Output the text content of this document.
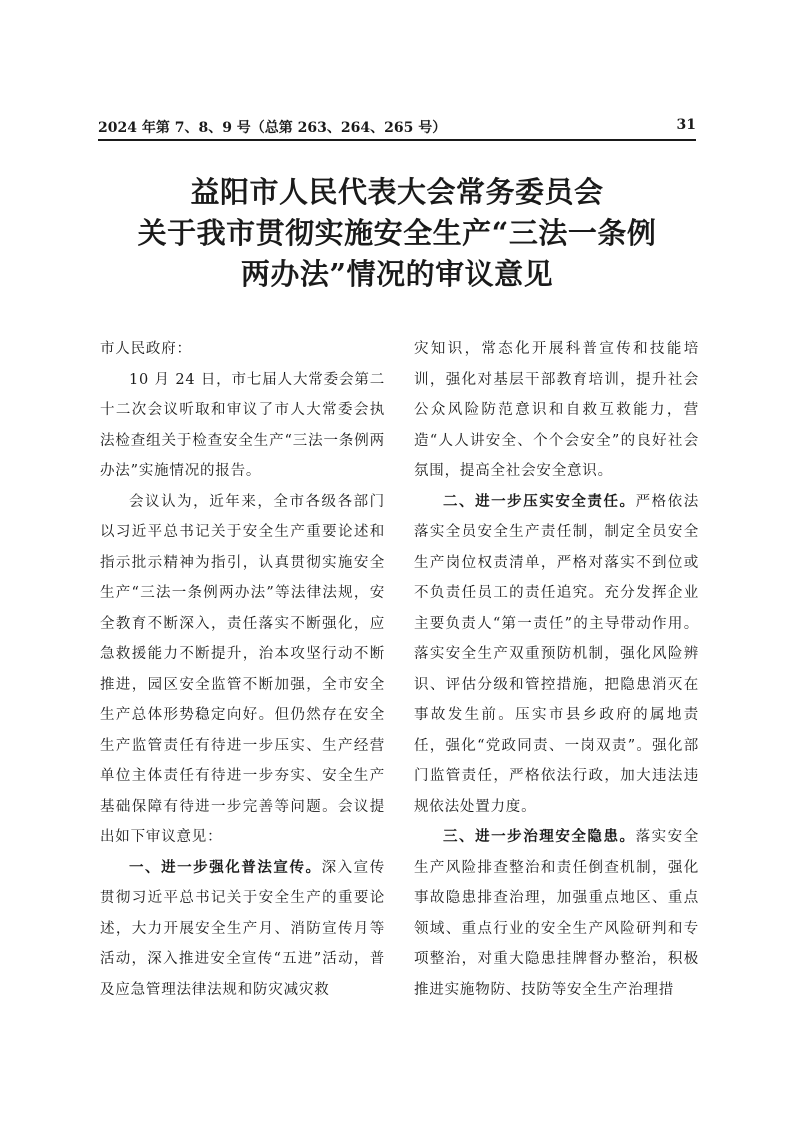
2024 年第 7、8、9 号（总第 263、264、265 号）	31
益阳市人民代表大会常务委员会
关于我市贯彻实施安全生产“三法一条例
两办法”情况的审议意见

市人民政府：

10 月 24 日，市七届人大常委会第二十二次会议听取和审议了市人大常委会执法检查组关于检查安全生产“三法一条例两办法”实施情况的报告。

会议认为，近年来，全市各级各部门以习近平总书记关于安全生产重要论述和指示批示精神为指引，认真贯彻实施安全生产“三法一条例两办法”等法律法规，安全教育不断深入，责任落实不断强化，应急救援能力不断提升，治本攻坚行动不断推进，园区安全监管不断加强，全市安全生产总体形势稳定向好。但仍然存在安全生产监管责任有待进一步压实、生产经营单位主体责任有待进一步夯实、安全生产基础保障有待进一步完善等问题。会议提出如下审议意见：

一、进一步强化普法宣传。深入宣传贯彻习近平总书记关于安全生产的重要论述，大力开展安全生产月、消防宣传月等活动，深入推进安全宣传“五进”活动，普及应急管理法律法规和防灾减灾救

灾知识，常态化开展科普宣传和技能培训，强化对基层干部教育培训，提升社会公众风险防范意识和自救互救能力，营造“人人讲安全、个个会安全”的良好社会氛围，提高全社会安全意识。

二、进一步压实安全责任。严格依法落实全员安全生产责任制，制定全员安全生产岗位权责清单，严格对落实不到位或不负责任员工的责任追究。充分发挥企业主要负责人“第一责任”的主导带动作用。落实安全生产双重预防机制，强化风险辨识、评估分级和管控措施，把隐患消灭在事故发生前。压实市县乡政府的属地责任，强化“党政同责、一岗双责”。强化部门监管责任，严格依法行政，加大违法违规依法处置力度。

三、进一步治理安全隐患。落实安全生产风险排查整治和责任倒查机制，强化事故隐患排查治理，加强重点地区、重点领域、重点行业的安全生产风险研判和专项整治，对重大隐患挂牌督办整治，积极推进实施物防、技防等安全生产治理措
